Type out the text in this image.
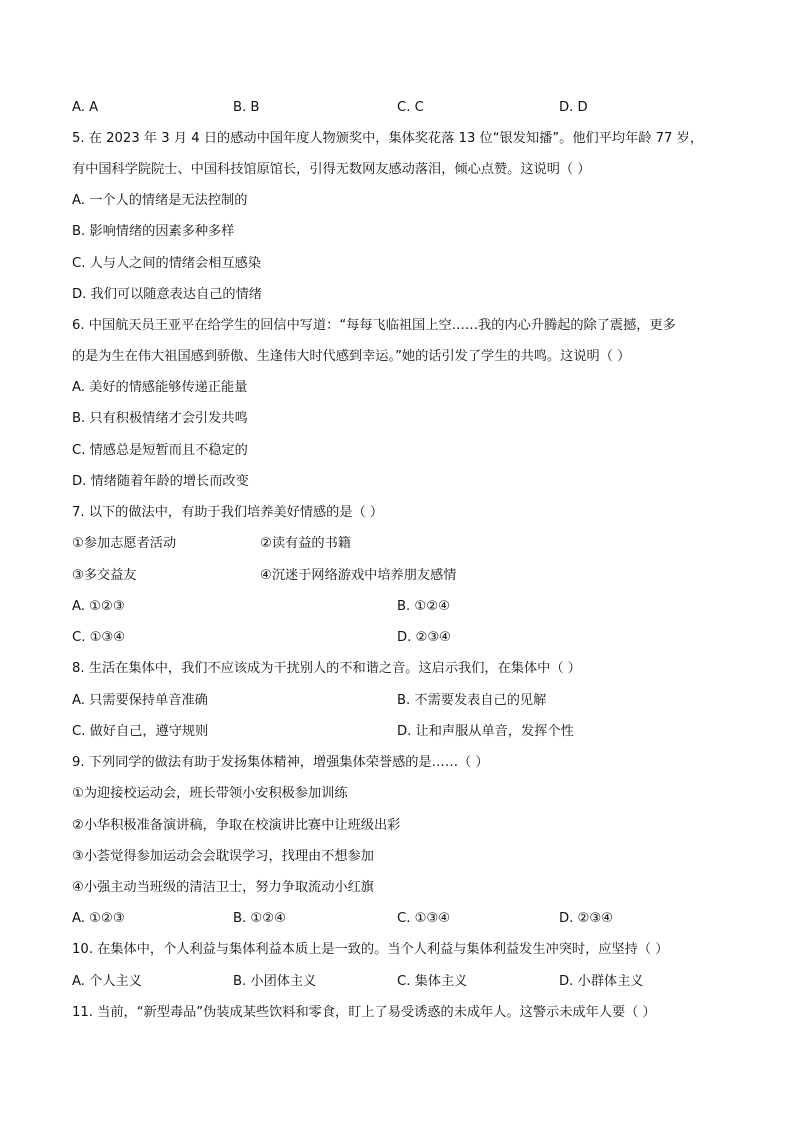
A. A	B. B	C. C	D. D
5. 在 2023 年 3 月 4 日的感动中国年度人物颁奖中，集体奖花落 13 位“银发知播”。他们平均年龄 77 岁，
有中国科学院院士、中国科技馆原馆长，引得无数网友感动落泪，倾心点赞。这说明（ ）
A. 一个人的情绪是无法控制的
B. 影响情绪的因素多种多样
C. 人与人之间的情绪会相互感染
D. 我们可以随意表达自己的情绪
6. 中国航天员王亚平在给学生的回信中写道：“每每飞临祖国上空……我的内心升腾起的除了震撼，更多
的是为生在伟大祖国感到骄傲、生逢伟大时代感到幸运。”她的话引发了学生的共鸣。这说明（ ）
A. 美好的情感能够传递正能量
B. 只有积极情绪才会引发共鸣
C. 情感总是短暂而且不稳定的
D. 情绪随着年龄的增长而改变
7. 以下的做法中，有助于我们培养美好情感的是（ ）
①参加志愿者活动	②读有益的书籍
③多交益友	④沉迷于网络游戏中培养朋友感情
A. ①②③	B. ①②④
C. ①③④	D. ②③④
8. 生活在集体中，我们不应该成为干扰别人的不和谐之音。这启示我们，在集体中（ ）
A. 只需要保持单音准确	B. 不需要发表自己的见解
C. 做好自己，遵守规则	D. 让和声服从单音，发挥个性
9. 下列同学的做法有助于发扬集体精神，增强集体荣誉感的是……（ ）
①为迎接校运动会，班长带领小安积极参加训练
②小华积极准备演讲稿，争取在校演讲比赛中让班级出彩
③小荟觉得参加运动会会耽误学习，找理由不想参加
④小强主动当班级的清洁卫士，努力争取流动小红旗
A. ①②③	B. ①②④	C. ①③④	D. ②③④
10. 在集体中，个人利益与集体利益本质上是一致的。当个人利益与集体利益发生冲突时，应坚持（ ）
A. 个人主义	B. 小团体主义	C. 集体主义	D. 小群体主义
11. 当前，“新型毒品”伪装成某些饮料和零食，盯上了易受诱惑的未成年人。这警示未成年人要（ ）
